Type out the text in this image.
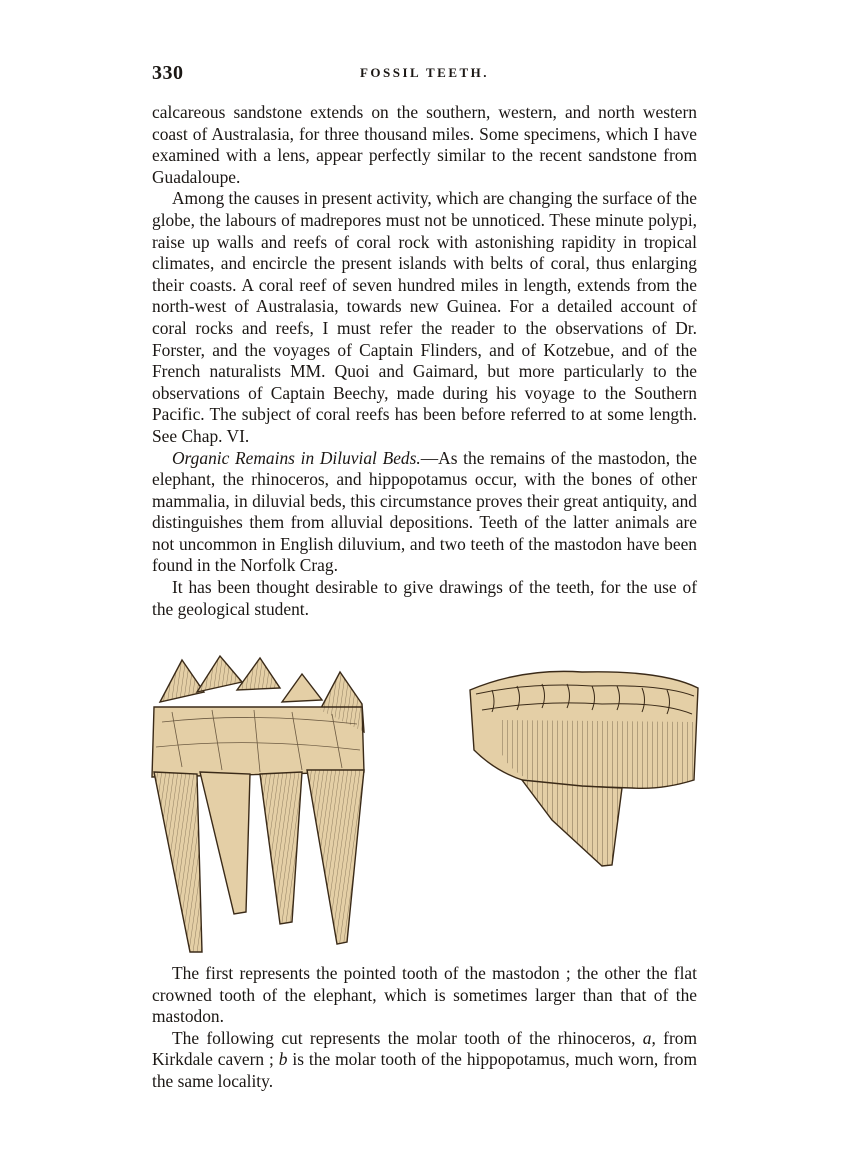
330	FOSSIL TEETH.

calcareous sandstone extends on the southern, western, and north western coast of Australasia, for three thousand miles. Some specimens, which I have examined with a lens, appear perfectly similar to the recent sandstone from Guadaloupe.

Among the causes in present activity, which are changing the surface of the globe, the labours of madrepores must not be unnoticed. These minute polypi, raise up walls and reefs of coral rock with astonishing rapidity in tropical climates, and encircle the present islands with belts of coral, thus enlarging their coasts. A coral reef of seven hundred miles in length, extends from the north-west of Australasia, towards new Guinea. For a detailed account of coral rocks and reefs, I must refer the reader to the observations of Dr. Forster, and the voyages of Captain Flinders, and of Kotzebue, and of the French naturalists MM. Quoi and Gaimard, but more particularly to the observations of Captain Beechy, made during his voyage to the Southern Pacific. The subject of coral reefs has been before referred to at some length. See Chap. VI.

Organic Remains in Diluvial Beds.—As the remains of the mastodon, the elephant, the rhinoceros, and hippopotamus occur, with the bones of other mammalia, in diluvial beds, this circumstance proves their great antiquity, and distinguishes them from alluvial depositions. Teeth of the latter animals are not uncommon in English diluvium, and two teeth of the mastodon have been found in the Norfolk Crag.

It has been thought desirable to give drawings of the teeth, for the use of the geological student.

The first represents the pointed tooth of the mastodon ; the other the flat crowned tooth of the elephant, which is sometimes larger than that of the mastodon.

The following cut represents the molar tooth of the rhinoceros, a, from Kirkdale cavern ; b is the molar tooth of the hippopotamus, much worn, from the same locality.
